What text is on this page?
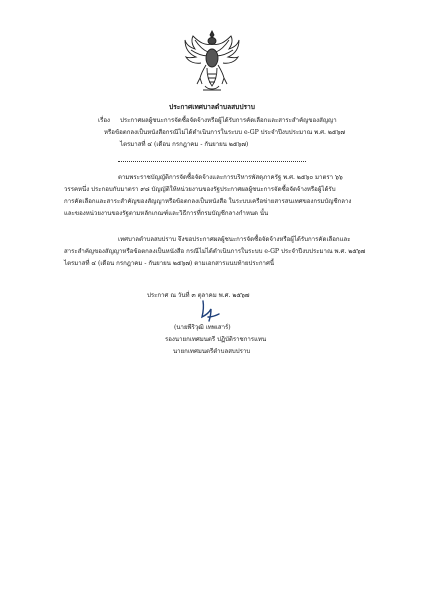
ประกาศเทศบาลตำบลสบปราบ
เรื่อง ประกาศผลผู้ชนะการจัดซื้อจัดจ้างหรือผู้ได้รับการคัดเลือกและสาระสำคัญของสัญญา
หรือข้อตกลงเป็นหนังสือกรณีไม่ได้ดำเนินการในระบบ e-GP ประจำปีงบประมาณ พ.ศ. ๒๕๖๗
ไตรมาสที่ ๔ (เดือน กรกฎาคม - กันยายน ๒๕๖๗)
ตามพระราชบัญญัติการจัดซื้อจัดจ้างและการบริหารพัสดุภาครัฐ พ.ศ. ๒๕๖๐ มาตรา ๖๖
วรรคหนึ่ง ประกอบกับมาตรา ๙๘ บัญญัติให้หน่วยงานของรัฐประกาศผลผู้ชนะการจัดซื้อจัดจ้างหรือผู้ได้รับ
การคัดเลือกและสาระสำคัญของสัญญาหรือข้อตกลงเป็นหนังสือ ในระบบเครือข่ายสารสนเทศของกรมบัญชีกลาง
และของหน่วยงานของรัฐตามหลักเกณฑ์และวิธีการที่กรมบัญชีกลางกำหนด นั้น
เทศบาลตำบลสบปราบ จึงขอประกาศผลผู้ชนะการจัดซื้อจัดจ้างหรือผู้ได้รับการคัดเลือกและ
สาระสำคัญของสัญญาหรือข้อตกลงเป็นหนังสือ กรณีไม่ได้ดำเนินการในระบบ e-GP ประจำปีงบประมาณ พ.ศ. ๒๕๖๗
ไตรมาสที่ ๔ (เดือน กรกฎาคม - กันยายน ๒๕๖๗) ตามเอกสารแนบท้ายประกาศนี้
ประกาศ ณ วันที่ ๓ ตุลาคม พ.ศ. ๒๕๖๗
(นายพีริวุฒิ เทพเสาร์)
รองนายกเทศมนตรี ปฏิบัติราชการแทน
นายกเทศมนตรีตำบลสบปราบ
